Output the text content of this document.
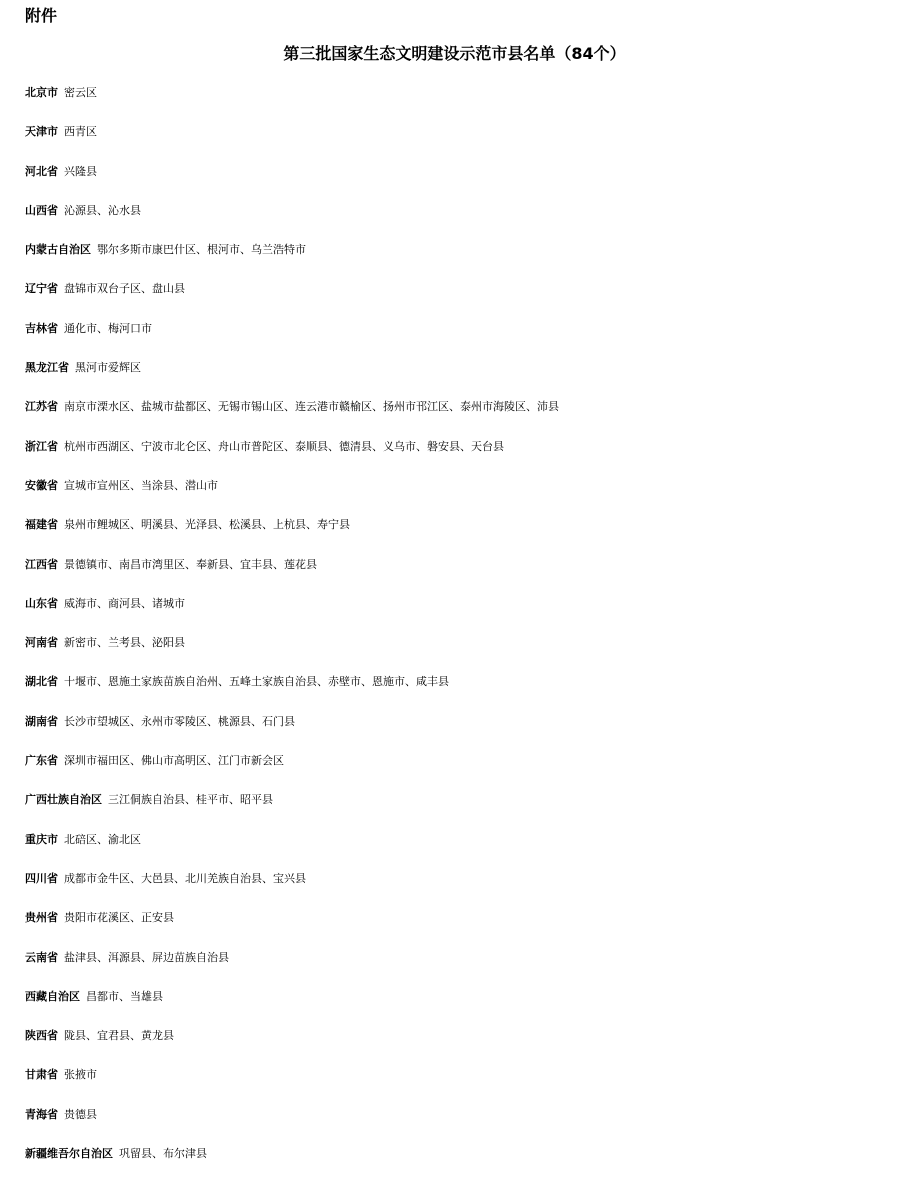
附件
第三批国家生态文明建设示范市县名单（84个）
北京市 密云区
天津市 西青区
河北省 兴隆县
山西省 沁源县、沁水县
内蒙古自治区 鄂尔多斯市康巴什区、根河市、乌兰浩特市
辽宁省 盘锦市双台子区、盘山县
吉林省 通化市、梅河口市
黑龙江省 黑河市爱辉区
江苏省 南京市溧水区、盐城市盐都区、无锡市锡山区、连云港市赣榆区、扬州市邗江区、泰州市海陵区、沛县
浙江省 杭州市西湖区、宁波市北仑区、舟山市普陀区、泰顺县、德清县、义乌市、磐安县、天台县
安徽省 宣城市宣州区、当涂县、潜山市
福建省 泉州市鲤城区、明溪县、光泽县、松溪县、上杭县、寿宁县
江西省 景德镇市、南昌市湾里区、奉新县、宜丰县、莲花县
山东省 威海市、商河县、诸城市
河南省 新密市、兰考县、泌阳县
湖北省 十堰市、恩施土家族苗族自治州、五峰土家族自治县、赤壁市、恩施市、咸丰县
湖南省 长沙市望城区、永州市零陵区、桃源县、石门县
广东省 深圳市福田区、佛山市高明区、江门市新会区
广西壮族自治区 三江侗族自治县、桂平市、昭平县
重庆市 北碚区、渝北区
四川省 成都市金牛区、大邑县、北川羌族自治县、宝兴县
贵州省 贵阳市花溪区、正安县
云南省 盐津县、洱源县、屏边苗族自治县
西藏自治区 昌都市、当雄县
陕西省 陇县、宜君县、黄龙县
甘肃省 张掖市
青海省 贵德县
新疆维吾尔自治区 巩留县、布尔津县
